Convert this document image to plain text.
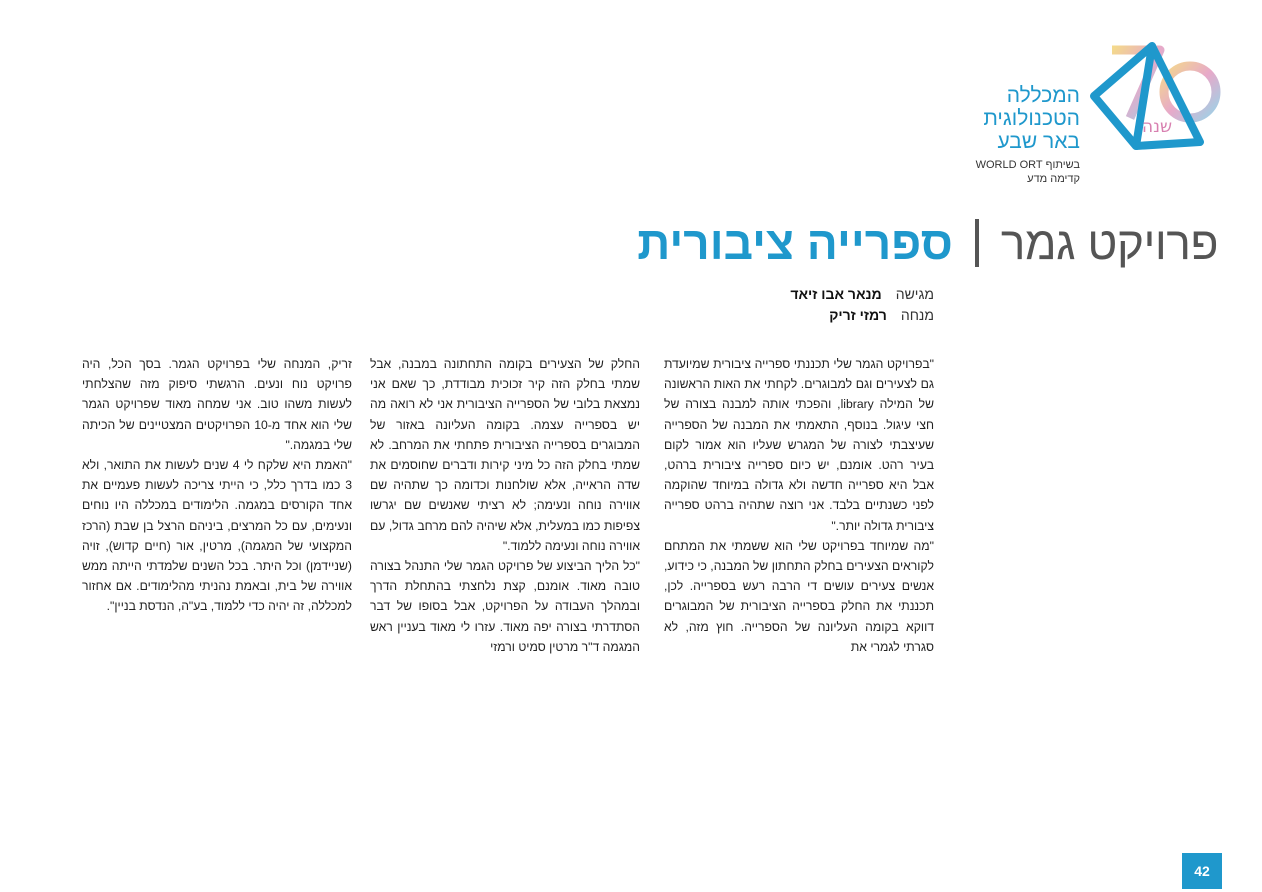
שנה
המכללה
הטכנולוגית
באר שבע
בשיתוף WORLD ORT
קדימה מדע
פרויקט גמר
ספרייה ציבורית
מגישה
מנאר אבו זיאד
מנחה
רמזי זריק

"בפרויקט הגמר שלי תכננתי ספרייה ציבורית שמיועדת גם לצעירים וגם למבוגרים. לקחתי את האות הראשונה של המילה library, והפכתי אותה למבנה בצורה של חצי עיגול. בנוסף, התאמתי את המבנה של הספרייה שעיצבתי לצורה של המגרש שעליו הוא אמור לקום בעיר רהט. אומנם, יש כיום ספרייה ציבורית ברהט, אבל היא ספרייה חדשה ולא גדולה במיוחד שהוקמה לפני כשנתיים בלבד. אני רוצה שתהיה ברהט ספרייה ציבורית גדולה יותר."

"מה שמיוחד בפרויקט שלי הוא ששמתי את המתחם לקוראים הצעירים בחלק התחתון של המבנה, כי כידוע, אנשים צעירים עושים די הרבה רעש בספרייה. לכן, תכננתי את החלק בספרייה הציבורית של המבוגרים דווקא בקומה העליונה של הספרייה. חוץ מזה, לא סגרתי לגמרי את

החלק של הצעירים בקומה התחתונה במבנה, אבל שמתי בחלק הזה קיר זכוכית מבודדת, כך שאם אני נמצאת בלובי של הספרייה הציבורית אני לא רואה מה יש בספרייה עצמה. בקומה העליונה באזור של המבוגרים בספרייה הציבורית פתחתי את המרחב. לא שמתי בחלק הזה כל מיני קירות ודברים שחוסמים את שדה הראייה, אלא שולחנות וכדומה כך שתהיה שם אווירה נוחה ונעימה; לא רציתי שאנשים שם יגרשו צפיפות כמו במעלית, אלא שיהיה להם מרחב גדול, עם אווירה נוחה ונעימה ללמוד."

"כל הליך הביצוע של פרויקט הגמר שלי התנהל בצורה טובה מאוד. אומנם, קצת נלחצתי בהתחלת הדרך ובמהלך העבודה על הפרויקט, אבל בסופו של דבר הסתדרתי בצורה יפה מאוד. עזרו לי מאוד בעניין ראש המגמה ד"ר מרטין סמיט ורמזי

זריק, המנחה שלי בפרויקט הגמר. בסך הכל, היה פרויקט נוח ונעים. הרגשתי סיפוק מזה שהצלחתי לעשות משהו טוב. אני שמחה מאוד שפרויקט הגמר שלי הוא אחד מ-10 הפרויקטים המצטיינים של הכיתה שלי במגמה."

"האמת היא שלקח לי 4 שנים לעשות את התואר, ולא 3 כמו בדרך כלל, כי הייתי צריכה לעשות פעמיים את אחד הקורסים במגמה. הלימודים במכללה היו נוחים ונעימים, עם כל המרצים, ביניהם הרצל בן שבת (הרכז המקצועי של המגמה), מרטין, אור (חיים קדוש), זויה (שניידמן) וכל היתר. בכל השנים שלמדתי הייתה ממש אווירה של בית, ובאמת נהניתי מהלימודים. אם אחזור למכללה, זה יהיה כדי ללמוד, בע"ה, הנדסת בניין".

42
